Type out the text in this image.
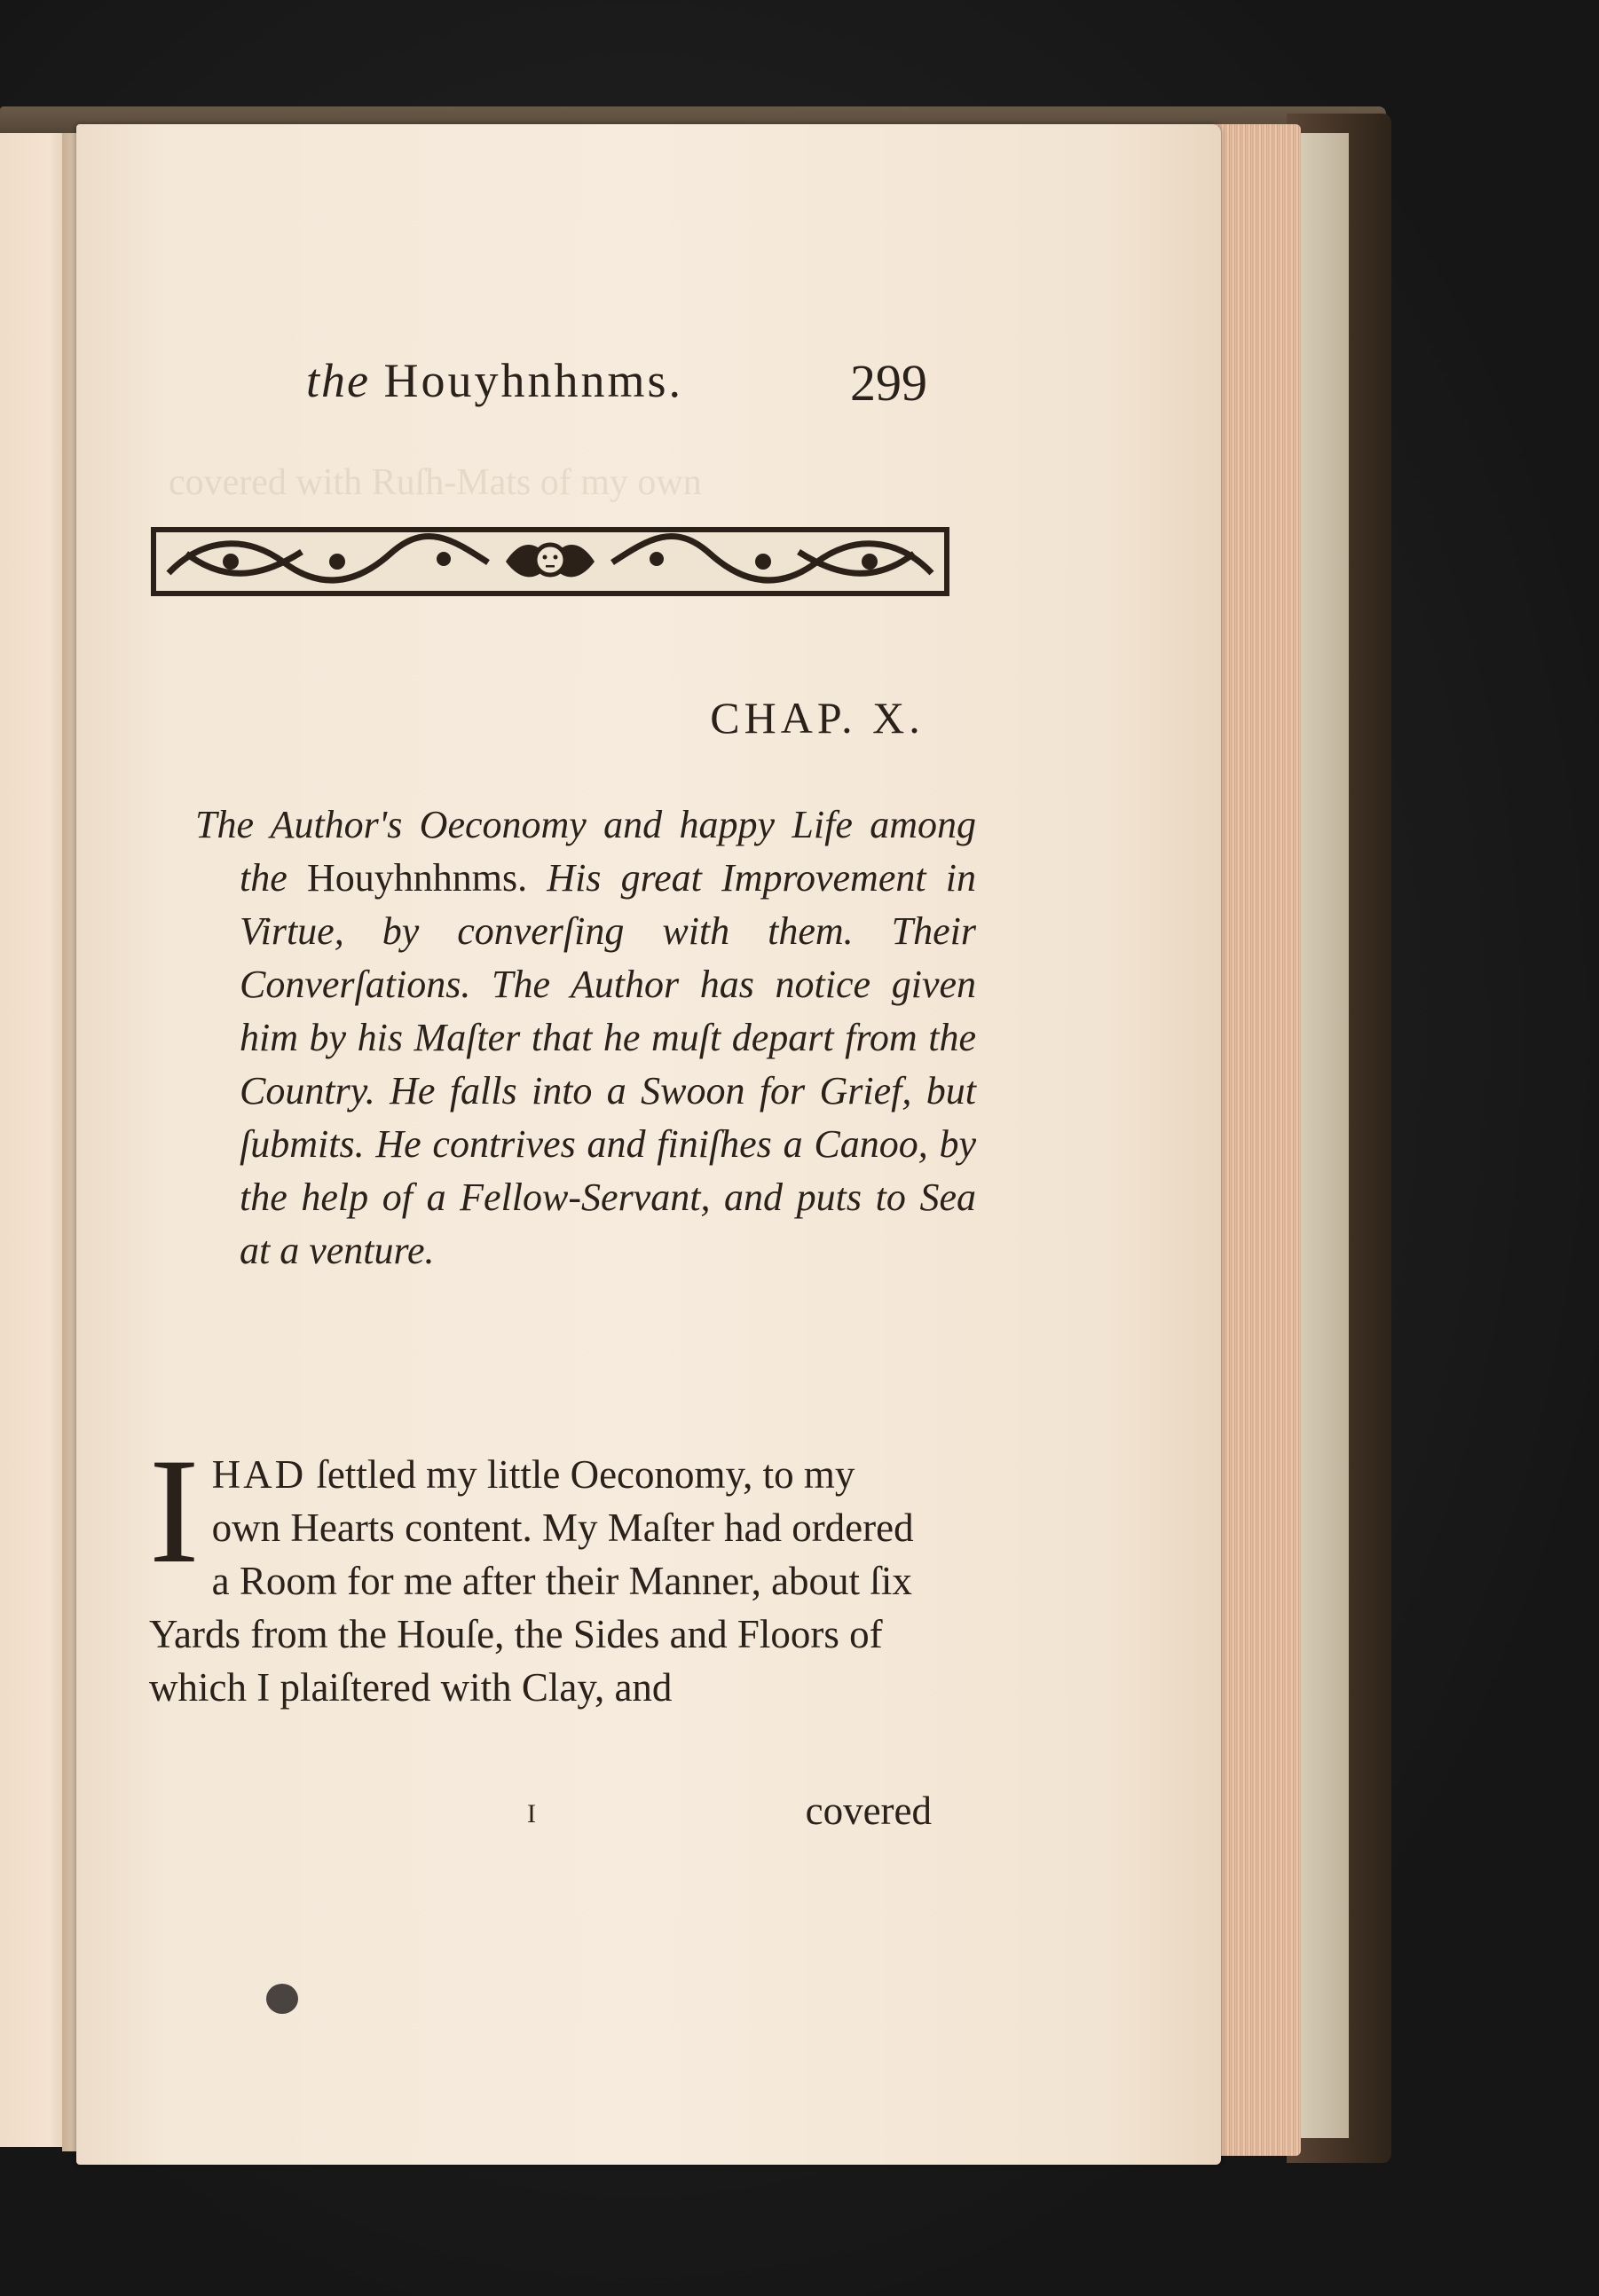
covered with Ruſh-Mats of my own
the Houyhnhnms.	299
CHAP. X.
The Author's Oeconomy and happy Life among the Houyhnhnms. His great Improvement in Virtue, by converſing with them. Their Converſations. The Author has notice given him by his Maſter that he muſt depart from the Country. He falls into a Swoon for Grief, but ſubmits. He contrives and finiſhes a Canoo, by the help of a Fellow-Servant, and puts to Sea at a venture.
IHAD ſettled my little Oeconomy, to my own Hearts content. My Maſter had ordered a Room for me after their Manner, about ſix Yards from the Houſe, the Sides and Floors of which I plaiſtered with Clay, and
I	covered
